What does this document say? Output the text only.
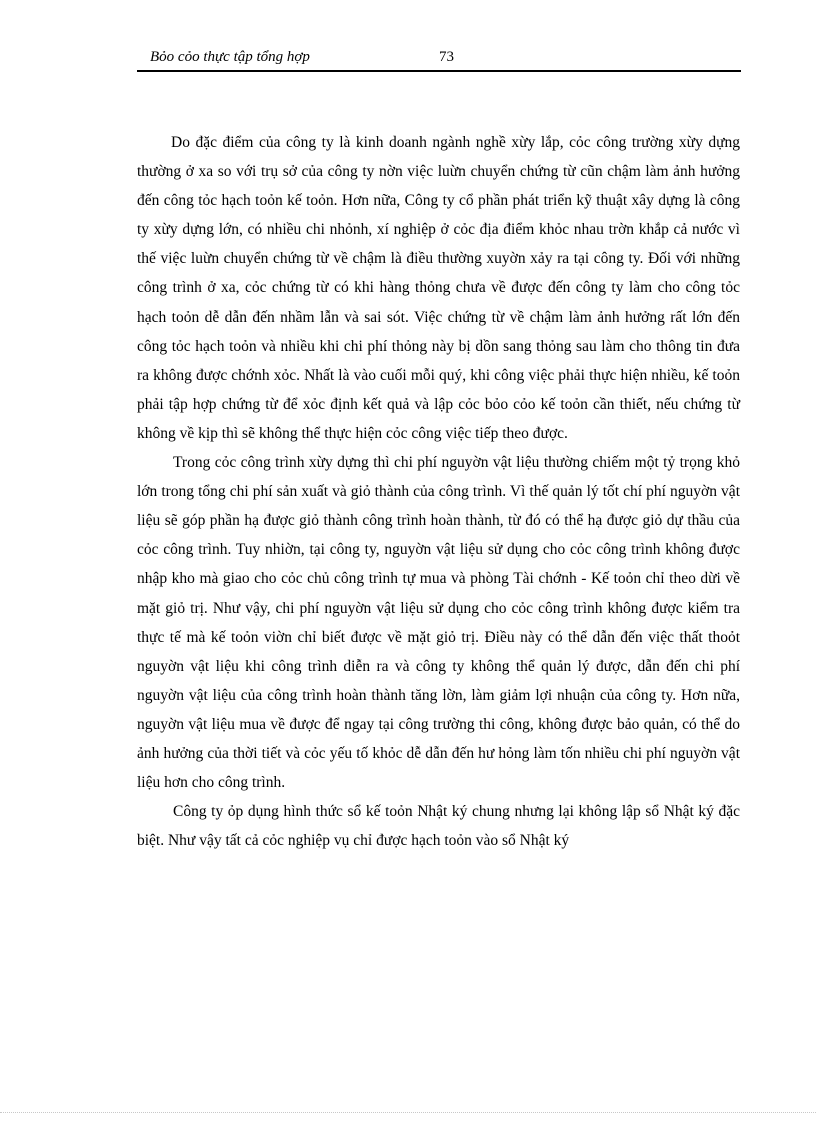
Bỏo cỏo thực tập tổng hợp	73

Do đặc điểm của công ty là kinh doanh ngành nghề xừy lắp, cỏc công trường xừy dựng thường ở xa so với trụ sở của công ty nờn việc luừn chuyển chứng từ cũn chậm làm ảnh hưởng đến công tỏc hạch toỏn kế toỏn. Hơn nữa, Công ty cổ phần phát triển kỹ thuật xây dựng là công ty xừy dựng lớn, có nhiều chi nhỏnh, xí nghiệp ở cỏc địa điểm khỏc nhau trờn khắp cả nước vì thế việc luừn chuyển chứng từ về chậm là điều thường xuyờn xảy ra tại công ty. Đối với những công trình ở xa, cỏc chứng từ có khi hàng thỏng chưa về được đến công ty làm cho công tỏc hạch toỏn dễ dẫn đến nhầm lẫn và sai sót. Việc chứng từ về chậm làm ảnh hưởng rất lớn đến công tỏc hạch toỏn và nhiều khi chi phí thỏng này bị dồn sang thỏng sau làm cho thông tin đưa ra không được chớnh xỏc. Nhất là vào cuối mỗi quý, khi công việc phải thực hiện nhiều, kế toỏn phải tập hợp chứng từ để xỏc định kết quả và lập cỏc bỏo cỏo kế toỏn cần thiết, nếu chứng từ không về kịp thì sẽ không thể thực hiện cỏc công việc tiếp theo được.

Trong cỏc công trình xừy dựng thì chi phí nguyờn vật liệu thường chiếm một tỷ trọng khỏ lớn trong tổng chi phí sản xuất và giỏ thành của công trình. Vì thế quản lý tốt chí phí nguyờn vật liệu sẽ góp phần hạ được giỏ thành công trình hoàn thành, từ đó có thể hạ được giỏ dự thầu của cỏc công trình. Tuy nhiờn, tại công ty, nguyờn vật liệu sử dụng cho cỏc công trình không được nhập kho mà giao cho cỏc chủ công trình tự mua và phòng Tài chớnh - Kế toỏn chỉ theo dừi về mặt giỏ trị. Như vậy, chi phí nguyờn vật liệu sử dụng cho cỏc công trình không được kiểm tra thực tế mà kế toỏn viờn chỉ biết được về mặt giỏ trị. Điều này có thể dẫn đến việc thất thoỏt nguyờn vật liệu khi công trình diễn ra và công ty không thể quản lý được, dẫn đến chi phí nguyờn vật liệu của công trình hoàn thành tăng lờn, làm giảm lợi nhuận của công ty. Hơn nữa, nguyờn vật liệu mua về được để ngay tại công trường thi công, không được bảo quản, có thể do ảnh hưởng của thời tiết và cỏc yếu tố khỏc dễ dẫn đến hư hỏng làm tốn nhiều chi phí nguyờn vật liệu hơn cho công trình.

Công ty ỏp dụng hình thức sổ kế toỏn Nhật ký chung nhưng lại không lập sổ Nhật ký đặc biệt. Như vậy tất cả cỏc nghiệp vụ chỉ được hạch toỏn vào sổ Nhật ký
